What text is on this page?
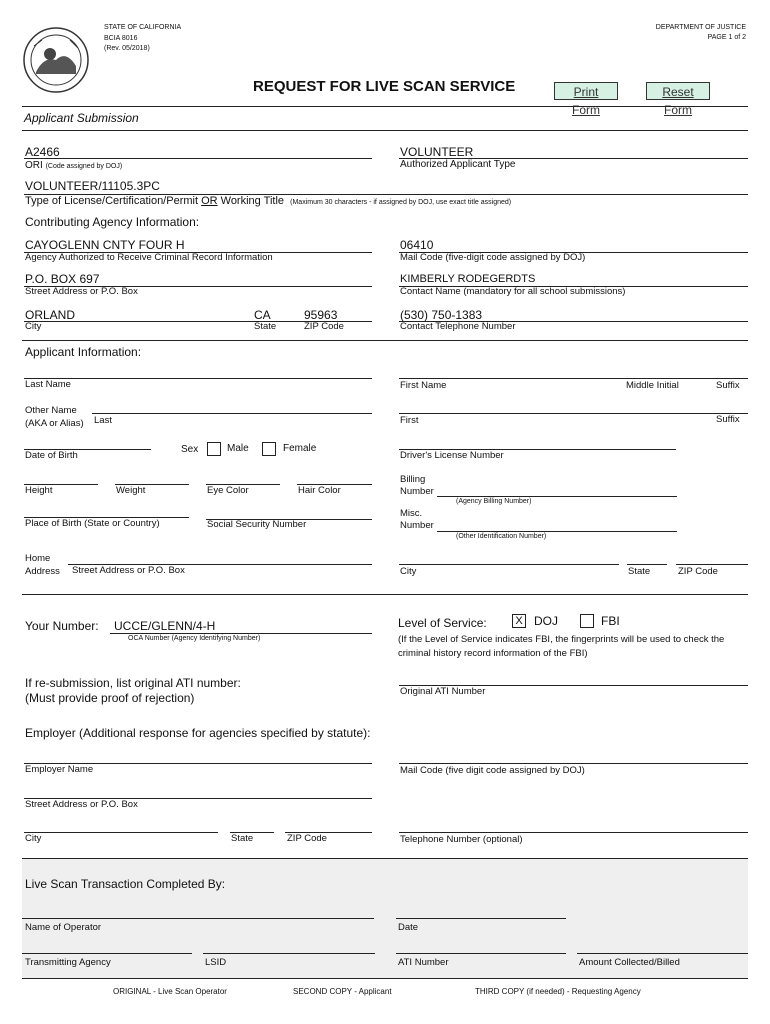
STATE OF CALIFORNIA
BCIA 8016
(Rev. 05/2018)
DEPARTMENT OF JUSTICE
PAGE 1 of 2
REQUEST FOR LIVE SCAN SERVICE	Print Form
Reset Form
Applicant Submission
A2466
ORI (Code assigned by DOJ)
VOLUNTEER
Authorized Applicant Type
VOLUNTEER/11105.3PC
Type of License/Certification/Permit OR Working Title (Maximum 30 characters - if assigned by DOJ, use exact title assigned)
Contributing Agency Information:
CAYOGLENN CNTY FOUR H
Agency Authorized to Receive Criminal Record Information
06410
Mail Code (five-digit code assigned by DOJ)
P.O. BOX 697
Street Address or P.O. Box
KIMBERLY RODEGERDTS
Contact Name (mandatory for all school submissions)
ORLAND	CA	95963
City	State	ZIP Code
(530) 750-1383
Contact Telephone Number
Applicant Information:
Last Name	First Name	Middle Initial	Suffix
Other Name
(AKA or Alias) Last	First	Suffix
Date of Birth
Sex	Male	Female
Driver's License Number
Height	Weight	Eye Color	Hair Color
Billing
Number
(Agency Billing Number)
Place of Birth (State or Country)	Social Security Number
Misc.
Number
(Other Identification Number)
Home
Address Street Address or P.O. Box	City	State	ZIP Code
Your Number: UCCE/GLENN/4-H
OCA Number (Agency Identifying Number)
Level of Service:	X DOJ	FBI
(If the Level of Service indicates FBI, the fingerprints will be used to check the
criminal history record information of the FBI)
If re-submission, list original ATI number:
(Must provide proof of rejection)	Original ATI Number
Employer (Additional response for agencies specified by statute):
Employer Name	Mail Code (five digit code assigned by DOJ)
Street Address or P.O. Box
City	State	ZIP Code	Telephone Number (optional)
Live Scan Transaction Completed By:
Name of Operator	Date
Transmitting Agency	LSID	ATI Number	Amount Collected/Billed
ORIGINAL - Live Scan Operator	SECOND COPY - Applicant	THIRD COPY (if needed) - Requesting Agency
